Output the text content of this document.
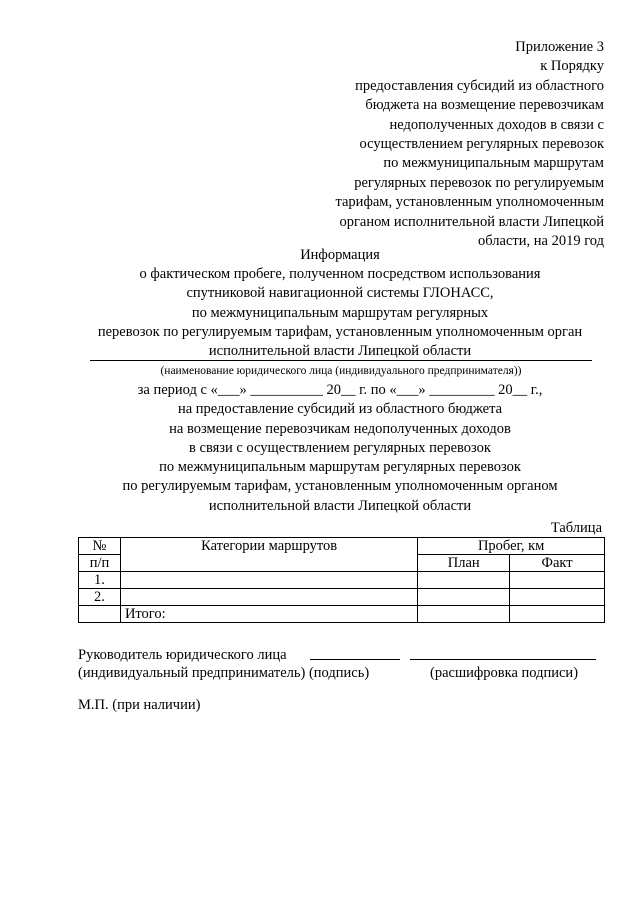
Приложение 3
к Порядку
предоставления субсидий из областного
бюджета на возмещение перевозчикам
недополученных доходов в связи с
осуществлением регулярных перевозок
по межмуниципальным маршрутам
регулярных перевозок по регулируемым
тарифам, установленным уполномоченным
органом исполнительной власти Липецкой
области, на 2019 год
Информация
о фактическом пробеге, полученном посредством использования
спутниковой навигационной системы ГЛОНАСС,
по межмуниципальным маршрутам регулярных
перевозок по регулируемым тарифам, установленным уполномоченным орган
исполнительной власти Липецкой области
(наименование юридического лица (индивидуального предпринимателя))
за период с «___» __________ 20__ г. по «___» _________ 20__ г.,
на предоставление субсидий из областного бюджета
на возмещение перевозчикам недополученных доходов
в связи с осуществлением регулярных перевозок
по межмуниципальным маршрутам регулярных перевозок
по регулируемым тарифам, установленным уполномоченным органом
исполнительной власти Липецкой области
Таблица
№	Категории маршрутов	Пробег, км	
п/п		План	Факт
1.			
2.			
	Итого:		
Руководитель юридического лица
(индивидуальный предприниматель) (подпись)	(расшифровка подписи)
М.П. (при наличии)
